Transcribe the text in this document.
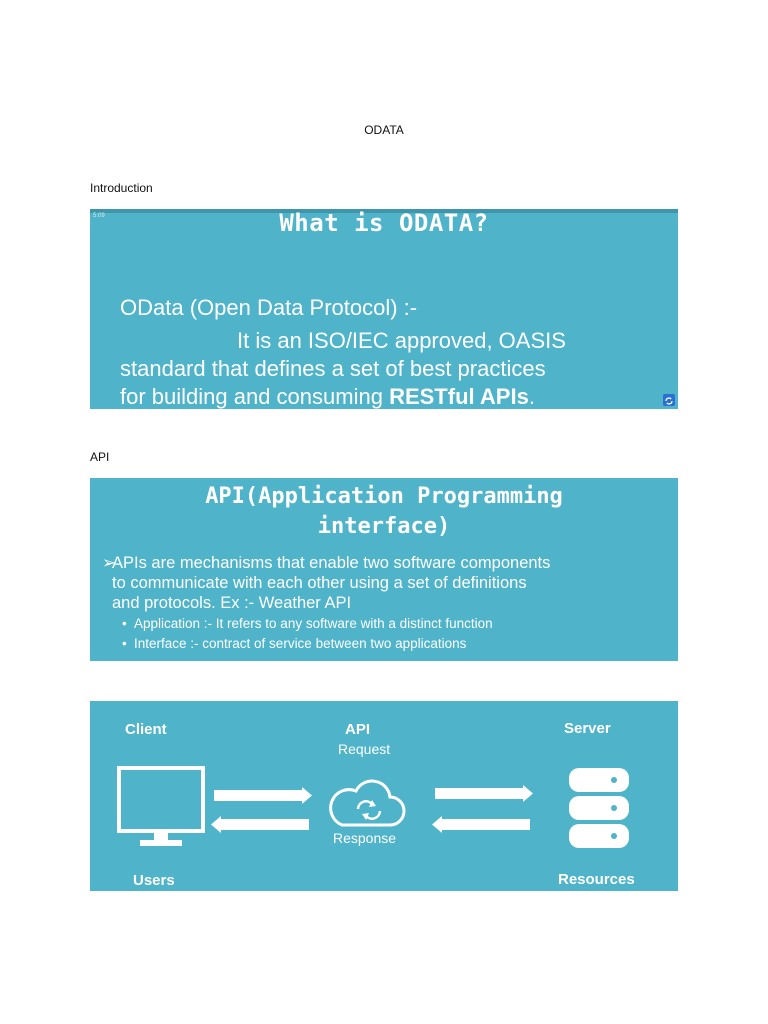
ODATA
Introduction
5:09	What is ODATA?
OData (Open Data Protocol) :-
It is an ISO/IEC approved, OASIS
standard that defines a set of best practices
for building and consuming RESTful APIs.
API
API(Application Programming
interface)
➢APIs are mechanisms that enable two software components
to communicate with each other using a set of definitions
and protocols. Ex :- Weather API
• Application :- It refers to any software with a distinct function
• Interface :- contract of service between two applications
Client	API
Request
Server
Response
Users	Resources
